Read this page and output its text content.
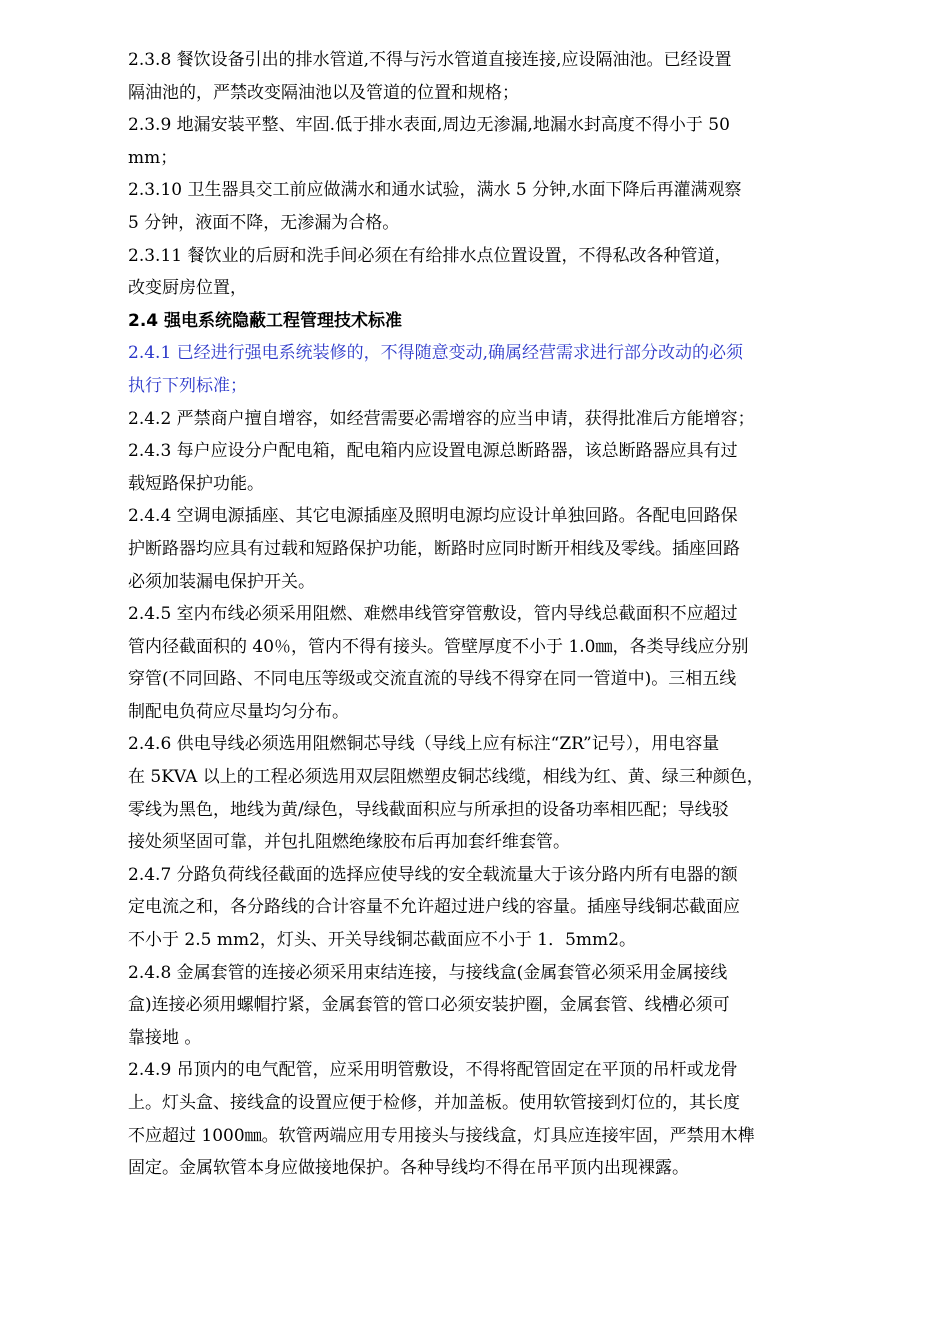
2.3.8 餐饮设备引出的排水管道,不得与污水管道直接连接,应设隔油池。已经设置

隔油池的，严禁改变隔油池以及管道的位置和规格；

2.3.9 地漏安装平整、牢固.低于排水表面,周边无渗漏,地漏水封高度不得小于 50

mm；

2.3.10 卫生器具交工前应做满水和通水试验，满水 5 分钟,水面下降后再灌满观察

5 分钟，液面不降，无渗漏为合格。

2.3.11 餐饮业的后厨和洗手间必须在有给排水点位置设置，不得私改各种管道，

改变厨房位置，

2.4 强电系统隐蔽工程管理技术标准

2.4.1 已经进行强电系统装修的，不得随意变动,确属经营需求进行部分改动的必须

执行下列标准；

2.4.2 严禁商户擅自增容，如经营需要必需增容的应当申请，获得批准后方能增容；

2.4.3 每户应设分户配电箱，配电箱内应设置电源总断路器，该总断路器应具有过

载短路保护功能。

2.4.4 空调电源插座、其它电源插座及照明电源均应设计单独回路。各配电回路保

护断路器均应具有过载和短路保护功能，断路时应同时断开相线及零线。插座回路

必须加装漏电保护开关。

2.4.5 室内布线必须采用阻燃、难燃串线管穿管敷设，管内导线总截面积不应超过

管内径截面积的 40％，管内不得有接头。管壁厚度不小于 1.0㎜，各类导线应分别

穿管(不同回路、不同电压等级或交流直流的导线不得穿在同一管道中)。三相五线

制配电负荷应尽量均匀分布。

2.4.6 供电导线必须选用阻燃铜芯导线（导线上应有标注“ZR”记号），用电容量

在 5KVA 以上的工程必须选用双层阻燃塑皮铜芯线缆，相线为红、黄、绿三种颜色，

零线为黑色，地线为黄/绿色，导线截面积应与所承担的设备功率相匹配；导线驳

接处须坚固可靠，并包扎阻燃绝缘胶布后再加套纤维套管。

2.4.7 分路负荷线径截面的选择应使导线的安全载流量大于该分路内所有电器的额

定电流之和，各分路线的合计容量不允许超过进户线的容量。插座导线铜芯截面应

不小于 2.5 mm2，灯头、开关导线铜芯截面应不小于 1．5mm2。

2.4.8 金属套管的连接必须采用束结连接，与接线盒(金属套管必须采用金属接线

盒)连接必须用螺帽拧紧，金属套管的管口必须安装护圈，金属套管、线槽必须可

靠接地 。

2.4.9 吊顶内的电气配管，应采用明管敷设，不得将配管固定在平顶的吊杆或龙骨

上。灯头盒、接线盒的设置应便于检修，并加盖板。使用软管接到灯位的，其长度

不应超过 1000㎜。软管两端应用专用接头与接线盒，灯具应连接牢固，严禁用木榫

固定。金属软管本身应做接地保护。各种导线均不得在吊平顶内出现裸露。
